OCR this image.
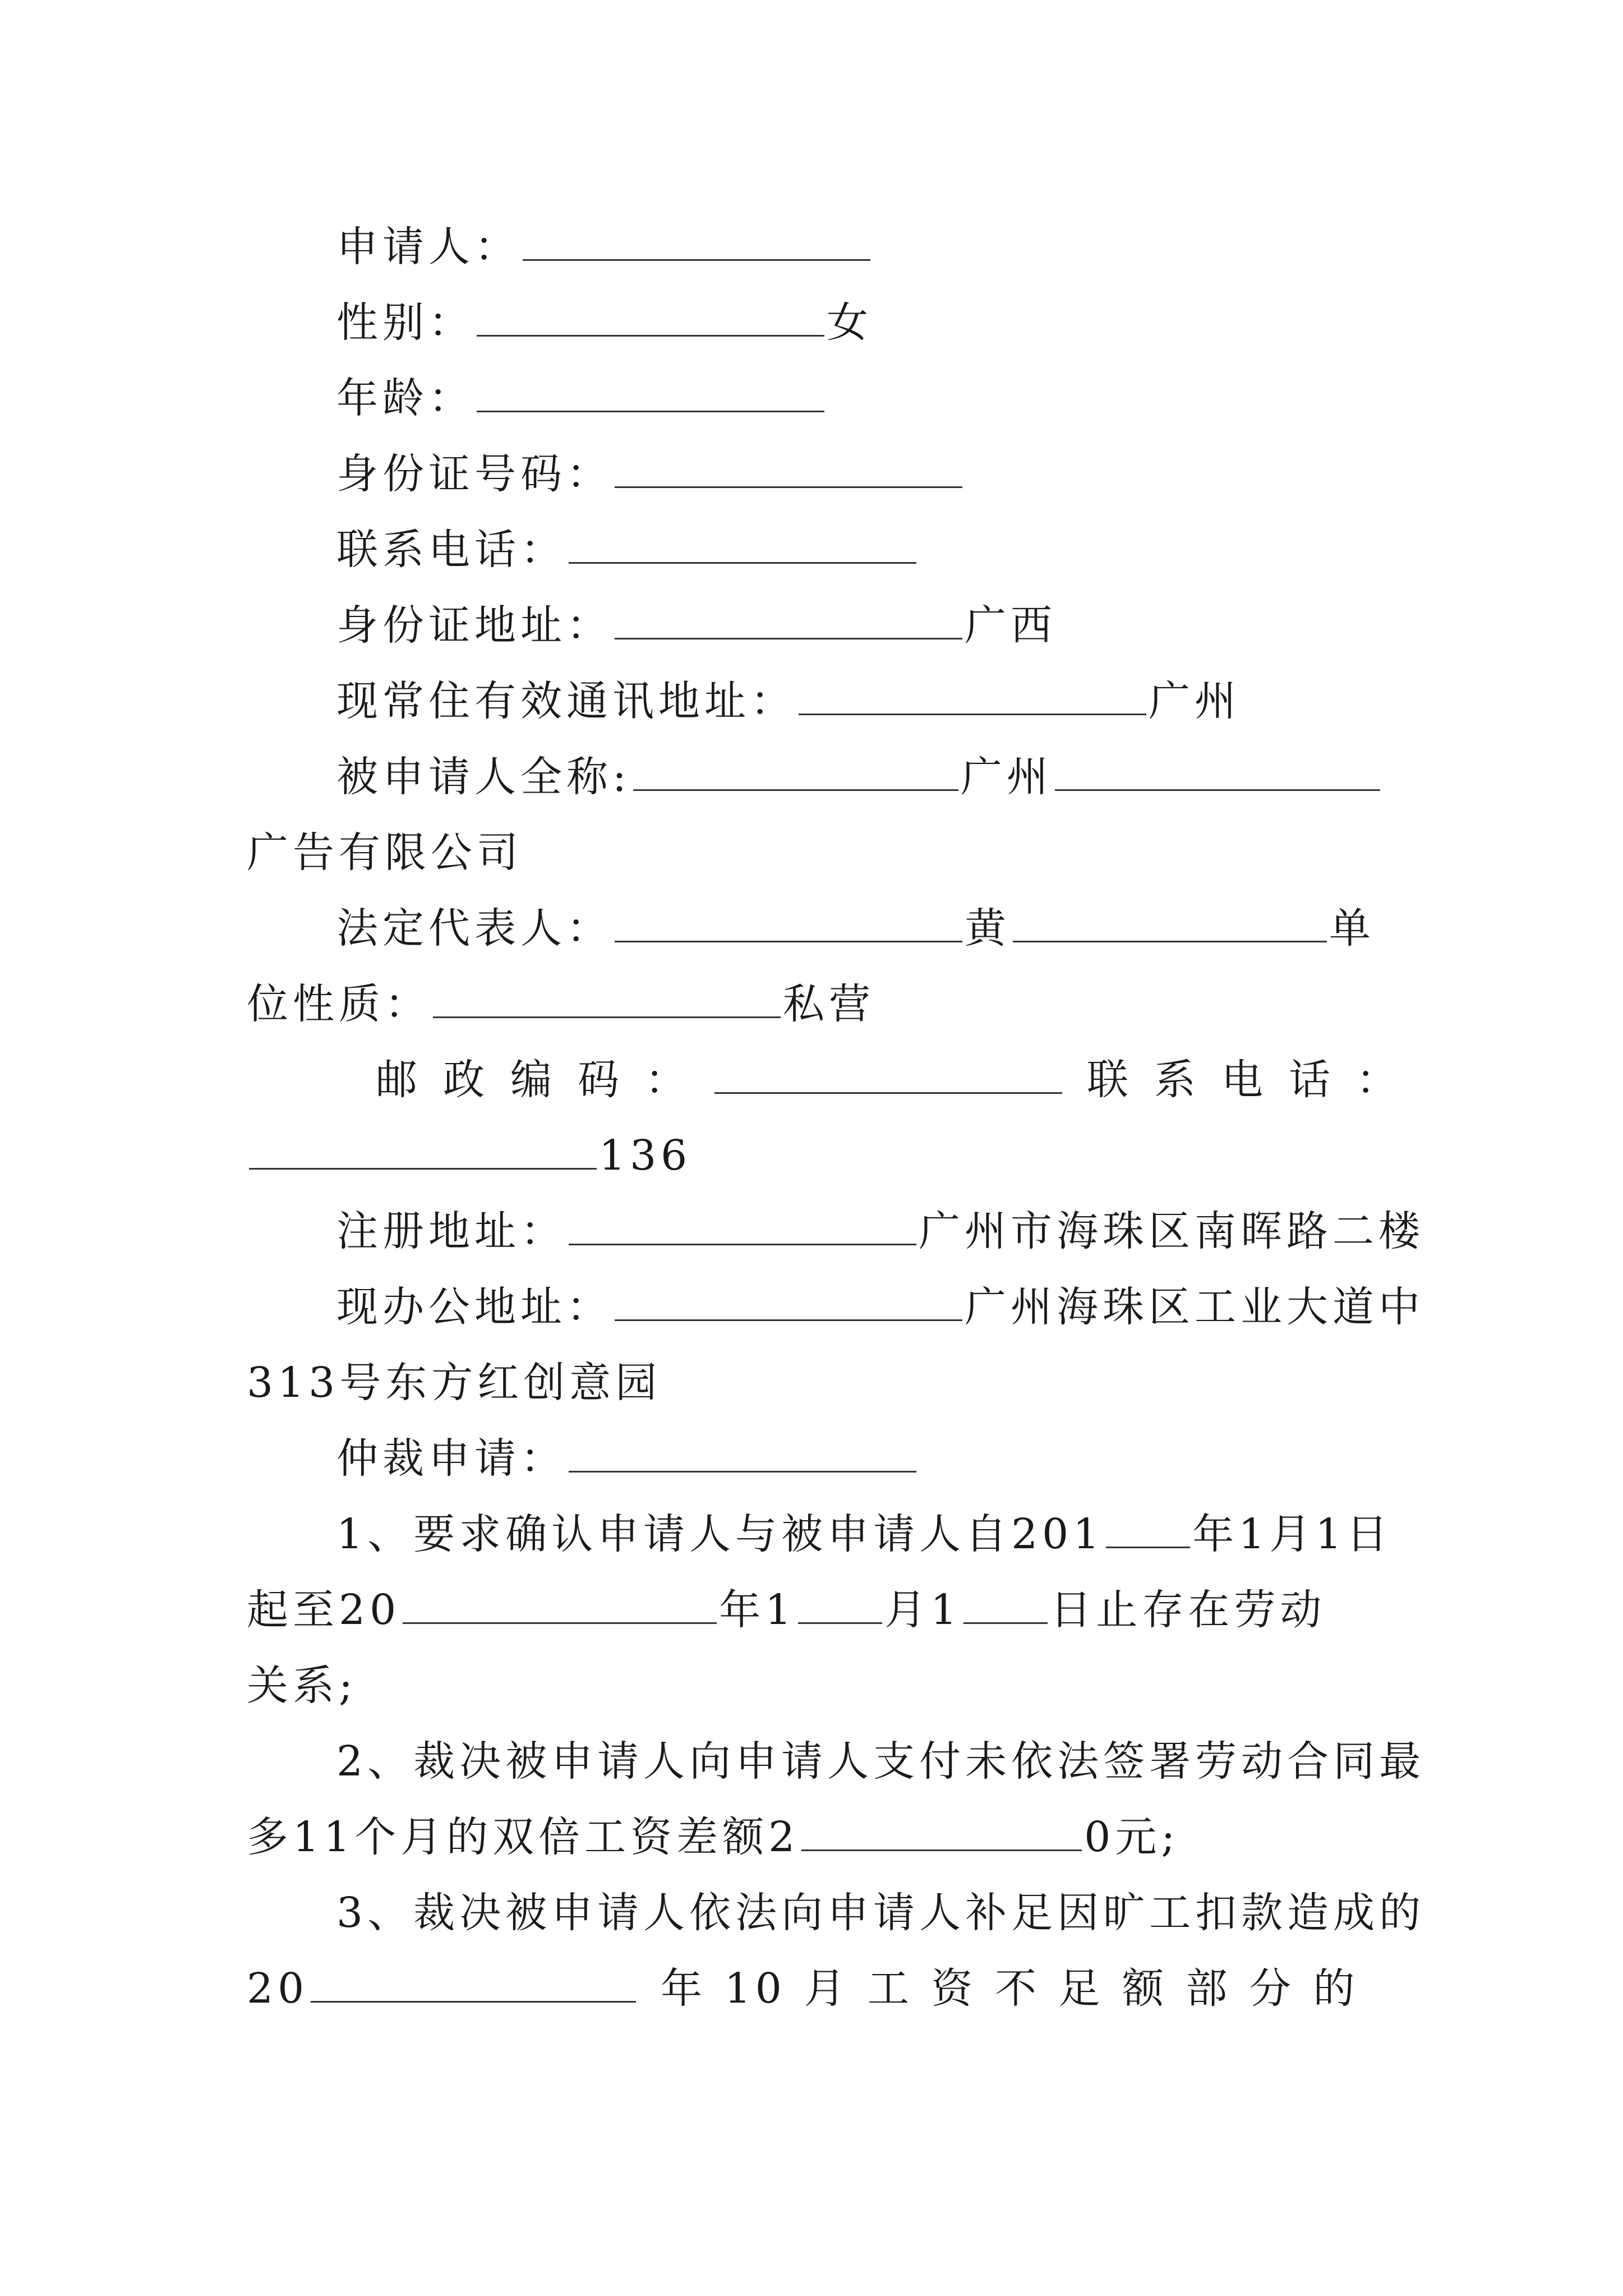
申请人：
性别：	女
年龄：
身份证号码：
联系电话：
身份证地址：	广西
现常住有效通讯地址：	广州
被申请人全称:	广州
广告有限公司
法定代表人：	黄	单
位性质：	私营
邮政编码：	联系电话：
136
注册地址：	广州市海珠区南晖路二楼
现办公地址：	广州海珠区工业大道中
313号东方红创意园
仲裁申请：
1、要求确认申请人与被申请人自201 年1月1日
起至20	年1 月1 日止存在劳动
关系;
2、裁决被申请人向申请人支付未依法签署劳动合同最
多11个月的双倍工资差额2	0元;
3、裁决被申请人依法向申请人补足因旷工扣款造成的
20	年 10 月 工 资 不 足 额 部 分 的
